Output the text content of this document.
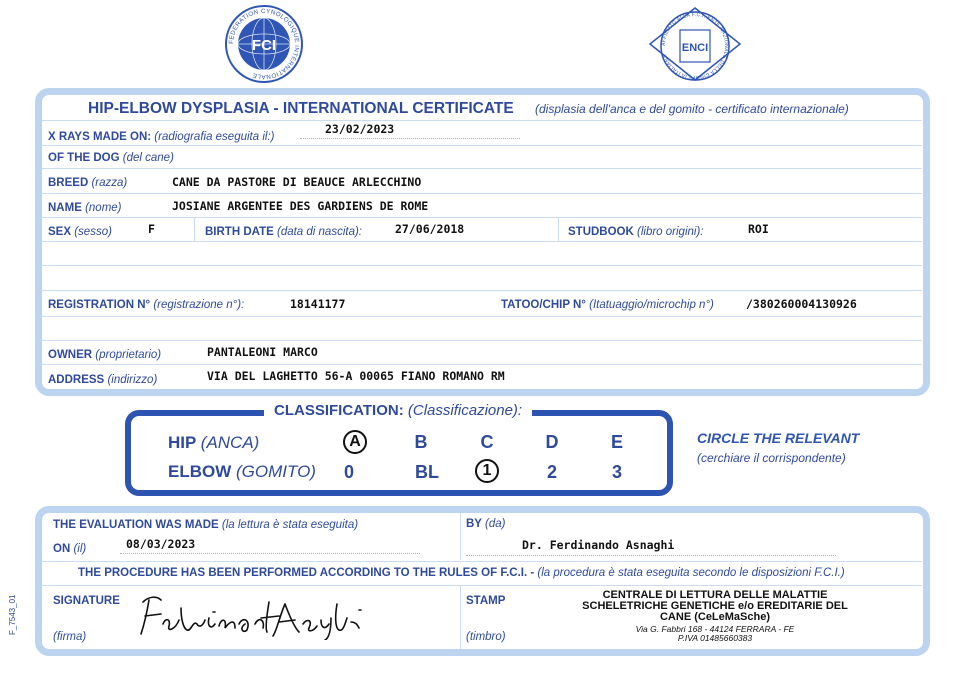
FCI
FEDERATION CYNOLOGIQUE INTERNATIONALE
ENCI
AFFILIATO ALLA F.C.I. ENTE NAZIONALE DELLA CINOFILIA ITALIANA
HIP-ELBOW DYSPLASIA - INTERNATIONAL CERTIFICATE (displasia dell'anca e del gomito - certificato internazionale)
X RAYS MADE ON: (radiografia eseguita il:)
23/02/2023
OF THE DOG (del cane)
BREED (razza)	CANE DA PASTORE DI BEAUCE ARLECCHINO
NAME (nome)	JOSIANE ARGENTEE DES GARDIENS DE ROME
SEX (sesso)	F	BIRTH DATE (data di nascita):	27/06/2018	STUDBOOK (libro origini):	ROI
REGISTRATION N° (registrazione n°):	18141177	TATOO/CHIP N° (Itatuaggio/microchip n°)	/380260004130926
OWNER (proprietario)	PANTALEONI MARCO
ADDRESS (indirizzo)	VIA DEL LAGHETTO 56-A 00065 FIANO ROMANO RM
CLASSIFICATION: (Classificazione):
HIP (ANCA)	A	B	C	D	E
ELBOW (GOMITO)	0	BL	1	2	3
CIRCLE THE RELEVANT
(cerchiare il corrispondente)
THE EVALUATION WAS MADE (la lettura è stata eseguita)
ON (il)	08/03/2023
BY (da)
Dr. Ferdinando Asnaghi
THE PROCEDURE HAS BEEN PERFORMED ACCORDING TO THE RULES OF F.C.I. - (la procedura è stata eseguita secondo le disposizioni F.C.I.)
SIGNATURE
(firma)
STAMP
(timbro)
CENTRALE DI LETTURA DELLE MALATTIE
SCHELETRICHE GENETICHE e/o EREDITARIE DEL
CANE (CeLeMaSche)
Via G. Fabbri 168 - 44124 FERRARA - FE
P.IVA 01485660383
F_7543_01
